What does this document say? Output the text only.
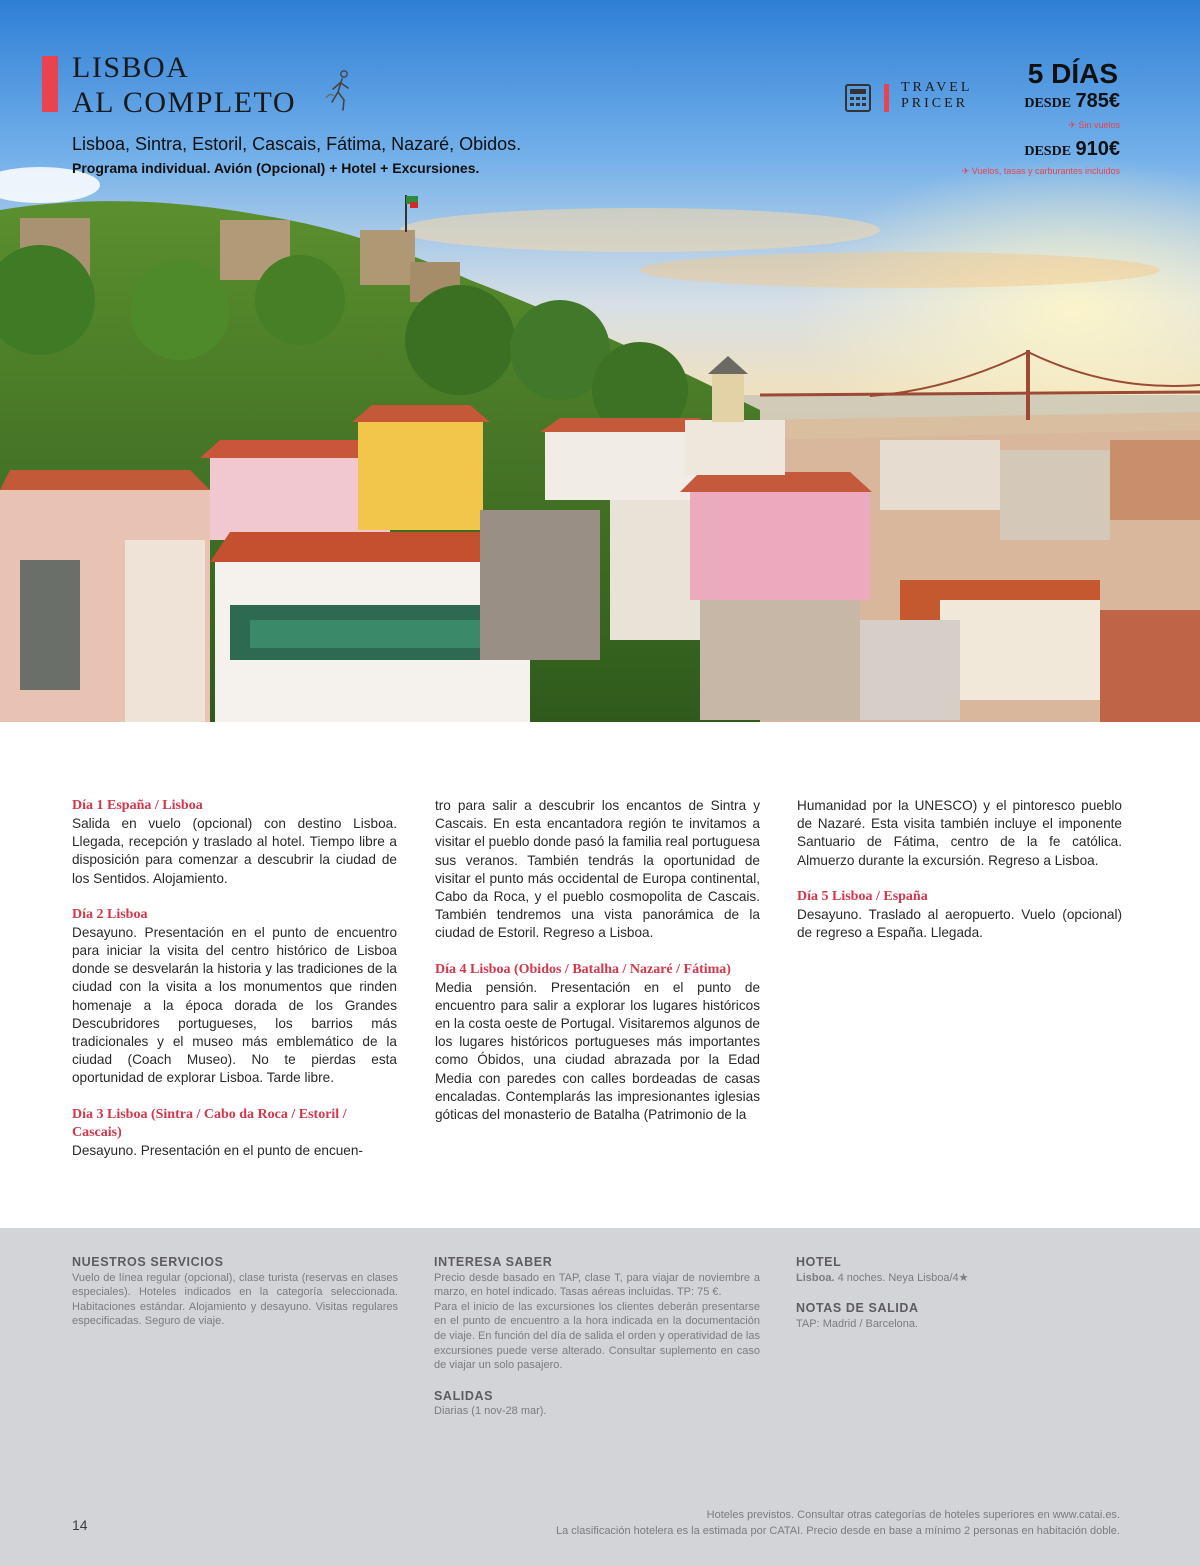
LISBOA
AL COMPLETO
Lisboa, Sintra, Estoril, Cascais, Fátima, Nazaré, Obidos.
Programa individual. Avión (Opcional) + Hotel + Excursiones.
TRAVEL
PRICER
5 DÍAS
DESDE 785€
✈ Sin vuelos
DESDE 910€
✈ Vuelos, tasas y carburantes incluidos
Día 1 España / Lisboa
Salida en vuelo (opcional) con destino Lisboa. Llegada, recepción y traslado al hotel. Tiempo libre a disposición para comenzar a descubrir la ciudad de los Sentidos. Alojamiento.
Día 2 Lisboa
Desayuno. Presentación en el punto de encuentro para iniciar la visita del centro histórico de Lisboa donde se desvelarán la historia y las tradiciones de la ciudad con la visita a los monumentos que rinden homenaje a la época dorada de los Grandes Descubridores portugueses, los barrios más tradicionales y el museo más emblemático de la ciudad (Coach Museo). No te pierdas esta oportunidad de explorar Lisboa. Tarde libre.
Día 3 Lisboa (Sintra / Cabo da Roca / Estoril / Cascais)
Desayuno. Presentación en el punto de encuen-
tro para salir a descubrir los encantos de Sintra y Cascais. En esta encantadora región te invitamos a visitar el pueblo donde pasó la familia real portuguesa sus veranos. También tendrás la oportunidad de visitar el punto más occidental de Europa continental, Cabo da Roca, y el pueblo cosmopolita de Cascais. También tendremos una vista panorámica de la ciudad de Estoril. Regreso a Lisboa.
Día 4 Lisboa (Obidos / Batalha / Nazaré / Fátima)
Media pensión. Presentación en el punto de encuentro para salir a explorar los lugares históricos en la costa oeste de Portugal. Visitaremos algunos de los lugares históricos portugueses más importantes como Óbidos, una ciudad abrazada por la Edad Media con paredes con calles bordeadas de casas encaladas. Contemplarás las impresionantes iglesias góticas del monasterio de Batalha (Patrimonio de la
Humanidad por la UNESCO) y el pintoresco pueblo de Nazaré. Esta visita también incluye el imponente Santuario de Fátima, centro de la fe católica. Almuerzo durante la excursión. Regreso a Lisboa.
Día 5 Lisboa / España
Desayuno. Traslado al aeropuerto. Vuelo (opcional) de regreso a España. Llegada.
NUESTROS SERVICIOS
Vuelo de línea regular (opcional), clase turista (reservas en clases especiales). Hoteles indicados en la categoría seleccionada. Habitaciones estándar. Alojamiento y desayuno. Visitas regulares especificadas. Seguro de viaje.
INTERESA SABER
Precio desde basado en TAP, clase T, para viajar de noviembre a marzo, en hotel indicado. Tasas aéreas incluidas. TP: 75 €.
Para el inicio de las excursiones los clientes deberán presentarse en el punto de encuentro a la hora indicada en la documentación de viaje. En función del día de salida el orden y operatividad de las excursiones puede verse alterado. Consultar suplemento en caso de viajar un solo pasajero.
SALIDAS
Diarias (1 nov-28 mar).
HOTEL
Lisboa. 4 noches. Neya Lisboa/4★
NOTAS DE SALIDA
TAP: Madrid / Barcelona.
14
Hoteles previstos. Consultar otras categorías de hoteles superiores en www.catai.es.
La clasificación hotelera es la estimada por CATAI. Precio desde en base a mínimo 2 personas en habitación doble.
